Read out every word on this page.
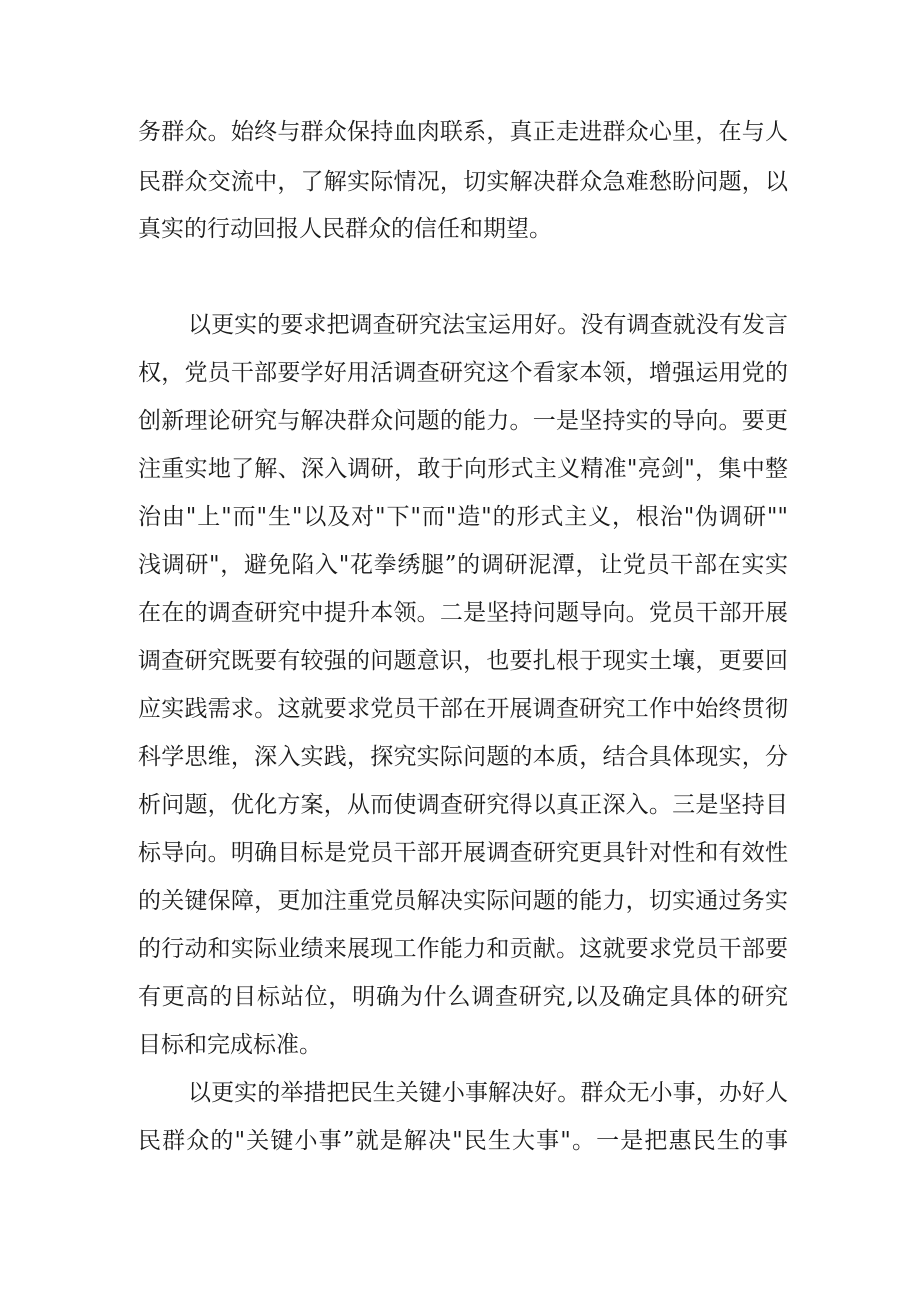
务群众。始终与群众保持血肉联系，真正走进群众心里，在与人
民群众交流中，了解实际情况，切实解决群众急难愁盼问题，以
真实的行动回报人民群众的信任和期望。
以更实的要求把调查研究法宝运用好。没有调查就没有发言
权，党员干部要学好用活调查研究这个看家本领，增强运用党的
创新理论研究与解决群众问题的能力。一是坚持实的导向。要更
注重实地了解、深入调研，敢于向形式主义精准"亮剑"，集中整
治由"上"而"生"以及对"下"而"造"的形式主义，根治"伪调研""
浅调研"，避免陷入"花拳绣腿”的调研泥潭，让党员干部在实实
在在的调查研究中提升本领。二是坚持问题导向。党员干部开展
调查研究既要有较强的问题意识，也要扎根于现实土壤，更要回
应实践需求。这就要求党员干部在开展调查研究工作中始终贯彻
科学思维，深入实践，探究实际问题的本质，结合具体现实，分
析问题，优化方案，从而使调查研究得以真正深入。三是坚持目
标导向。明确目标是党员干部开展调查研究更具针对性和有效性
的关键保障，更加注重党员解决实际问题的能力，切实通过务实
的行动和实际业绩来展现工作能力和贡献。这就要求党员干部要
有更高的目标站位，明确为什么调查研究,以及确定具体的研究
目标和完成标准。
以更实的举措把民生关键小事解决好。群众无小事，办好人
民群众的"关键小事”就是解决"民生大事"。一是把惠民生的事
